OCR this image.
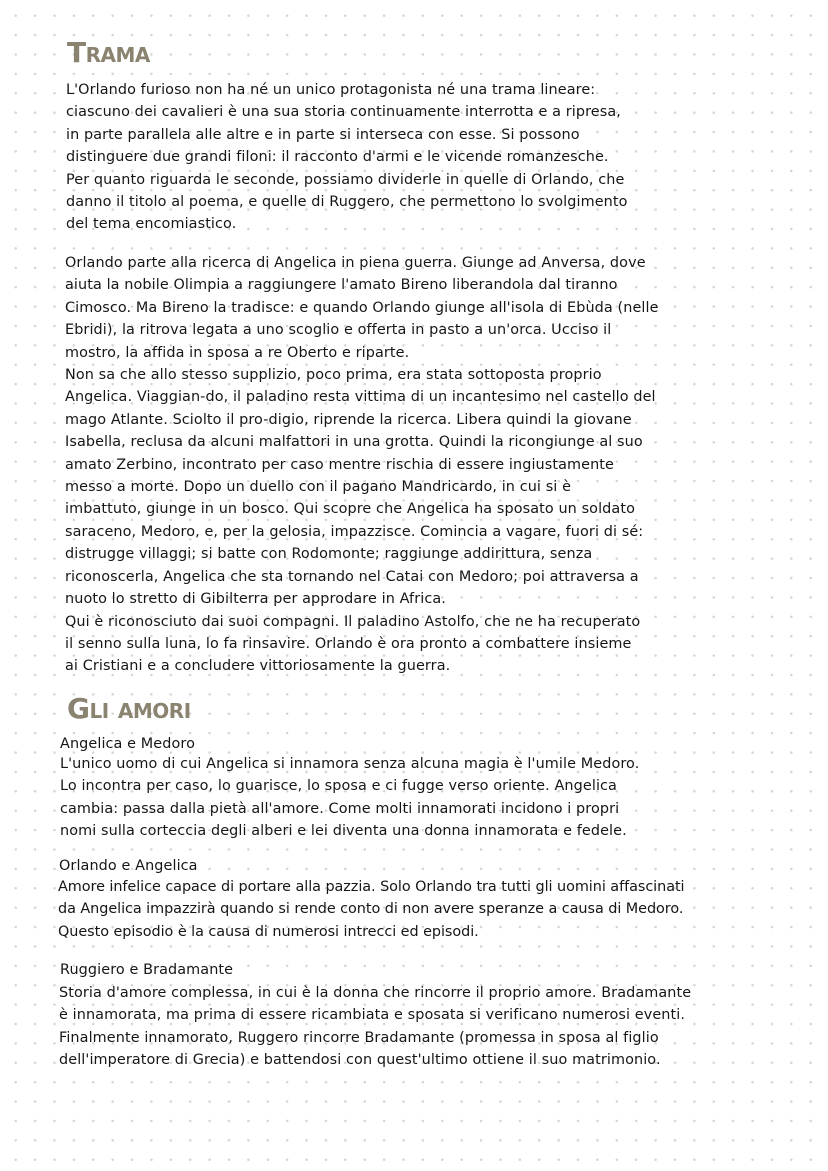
Trama
L'Orlando furioso non ha né un unico protagonista né una trama lineare:
ciascuno dei cavalieri è una sua storia continuamente interrotta e a ripresa,
in parte parallela alle altre e in parte si interseca con esse. Si possono
distinguere due grandi filoni: il racconto d'armi e le vicende romanzesche.
Per quanto riguarda le seconde, possiamo dividerle in quelle di Orlando, che
danno il titolo al poema, e quelle di Ruggero, che permettono lo svolgimento
del tema encomiastico.
Orlando parte alla ricerca di Angelica in piena guerra. Giunge ad Anversa, dove
aiuta la nobile Olimpia a raggiungere l'amato Bireno liberandola dal tiranno
Cimosco. Ma Bireno la tradisce: e quando Orlando giunge all'isola di Ebùda (nelle
Ebridi), la ritrova legata a uno scoglio e offerta in pasto a un'orca. Ucciso il
mostro, la affida in sposa a re Oberto e riparte.
Non sa che allo stesso supplizio, poco prima, era stata sottoposta proprio
Angelica. Viaggian-do, il paladino resta vittima di un incantesimo nel castello del
mago Atlante. Sciolto il pro-digio, riprende la ricerca. Libera quindi la giovane
Isabella, reclusa da alcuni malfattori in una grotta. Quindi la ricongiunge al suo
amato Zerbino, incontrato per caso mentre rischia di essere ingiustamente
messo a morte. Dopo un duello con il pagano Mandricardo, in cui si è
imbattuto, giunge in un bosco. Qui scopre che Angelica ha sposato un soldato
saraceno, Medoro, e, per la gelosia, impazzisce. Comincia a vagare, fuori di sé:
distrugge villaggi; si batte con Rodomonte; raggiunge addirittura, senza
riconoscerla, Angelica che sta tornando nel Catai con Medoro; poi attraversa a
nuoto lo stretto di Gibilterra per approdare in Africa.
Qui è riconosciuto dai suoi compagni. Il paladino Astolfo, che ne ha recuperato
il senno sulla luna, lo fa rinsavire. Orlando è ora pronto a combattere insieme
ai Cristiani e a concludere vittoriosamente la guerra.
Gli amori
Angelica e Medoro
L'unico uomo di cui Angelica si innamora senza alcuna magia è l'umile Medoro.
Lo incontra per caso, lo guarisce, lo sposa e ci fugge verso oriente. Angelica
cambia: passa dalla pietà all'amore. Come molti innamorati incidono i propri
nomi sulla corteccia degli alberi e lei diventa una donna innamorata e fedele.
Orlando e Angelica
Amore infelice capace di portare alla pazzia. Solo Orlando tra tutti gli uomini affascinati
da Angelica impazzirà quando si rende conto di non avere speranze a causa di Medoro.
Questo episodio è la causa di numerosi intrecci ed episodi.
Ruggiero e Bradamante
Storia d'amore complessa, in cui è la donna che rincorre il proprio amore. Bradamante
è innamorata, ma prima di essere ricambiata e sposata si verificano numerosi eventi.
Finalmente innamorato, Ruggero rincorre Bradamante (promessa in sposa al figlio
dell'imperatore di Grecia) e battendosi con quest'ultimo ottiene il suo matrimonio.
